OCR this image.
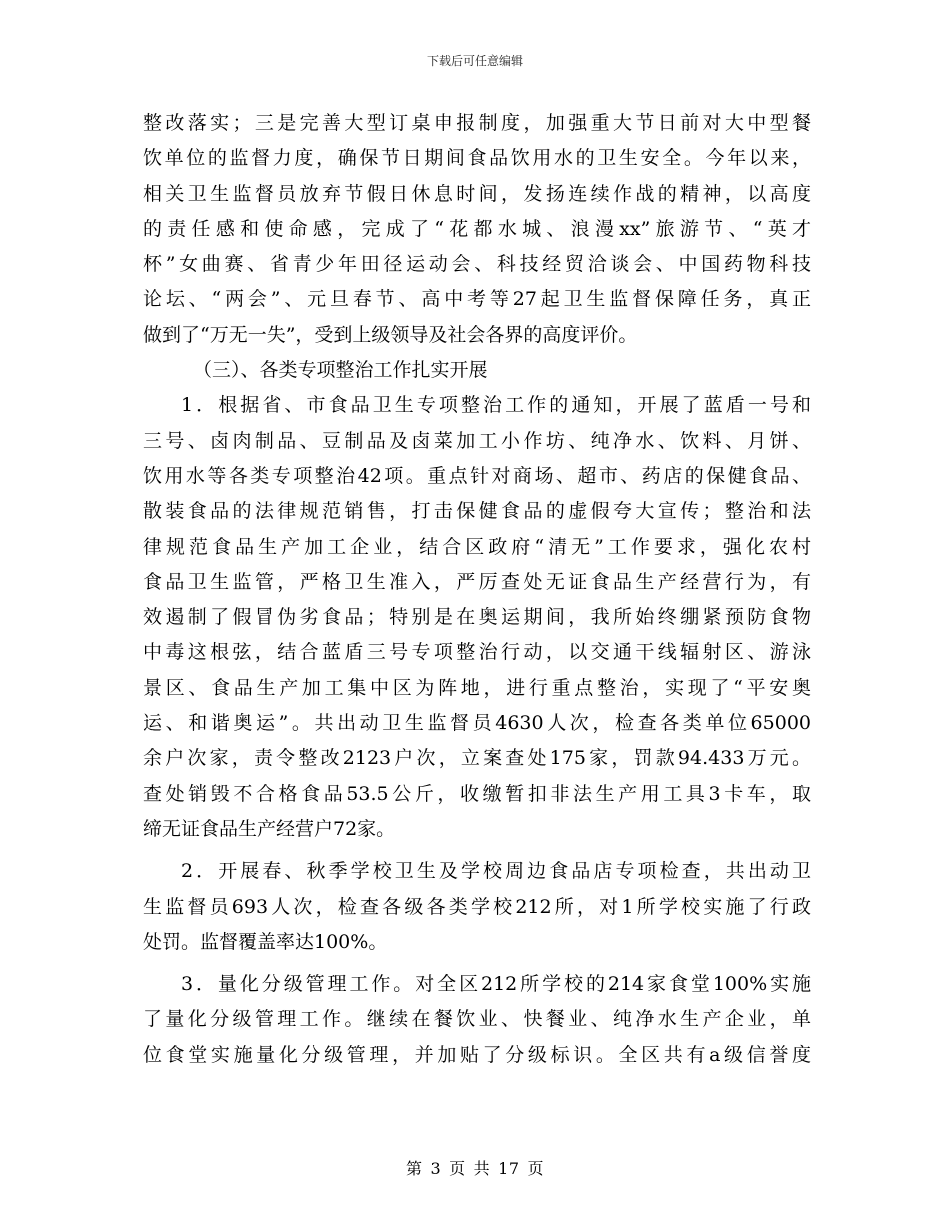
下载后可任意编辑
整改落实；三是完善大型订桌申报制度，加强重大节日前对大中型餐
饮单位的监督力度，确保节日期间食品饮用水的卫生安全。今年以来，
相关卫生监督员放弃节假日休息时间，发扬连续作战的精神，以高度
的责任感和使命感，完成了“花都水城、浪漫xx”旅游节、“英才
杯”女曲赛、省青少年田径运动会、科技经贸洽谈会、中国药物科技
论坛、“两会”、元旦春节、高中考等27起卫生监督保障任务，真正
做到了“万无一失”，受到上级领导及社会各界的高度评价。
（三）、各类专项整治工作扎实开展
1．根据省、市食品卫生专项整治工作的通知，开展了蓝盾一号和
三号、卤肉制品、豆制品及卤菜加工小作坊、纯净水、饮料、月饼、
饮用水等各类专项整治42项。重点针对商场、超市、药店的保健食品、
散装食品的法律规范销售，打击保健食品的虚假夸大宣传；整治和法
律规范食品生产加工企业，结合区政府“清无”工作要求，强化农村
食品卫生监管，严格卫生准入，严厉查处无证食品生产经营行为，有
效遏制了假冒伪劣食品；特别是在奥运期间，我所始终绷紧预防食物
中毒这根弦，结合蓝盾三号专项整治行动，以交通干线辐射区、游泳
景区、食品生产加工集中区为阵地，进行重点整治，实现了“平安奥
运、和谐奥运”。共出动卫生监督员4630人次，检查各类单位65000
余户次家，责令整改2123户次，立案查处175家，罚款94.433万元。
查处销毁不合格食品53.5公斤，收缴暂扣非法生产用工具3卡车，取
缔无证食品生产经营户72家。
2．开展春、秋季学校卫生及学校周边食品店专项检查，共出动卫
生监督员693人次，检查各级各类学校212所，对1所学校实施了行政
处罚。监督覆盖率达100%。
3．量化分级管理工作。对全区212所学校的214家食堂100%实施
了量化分级管理工作。继续在餐饮业、快餐业、纯净水生产企业，单
位食堂实施量化分级管理，并加贴了分级标识。全区共有a级信誉度
第 3 页 共 17 页
